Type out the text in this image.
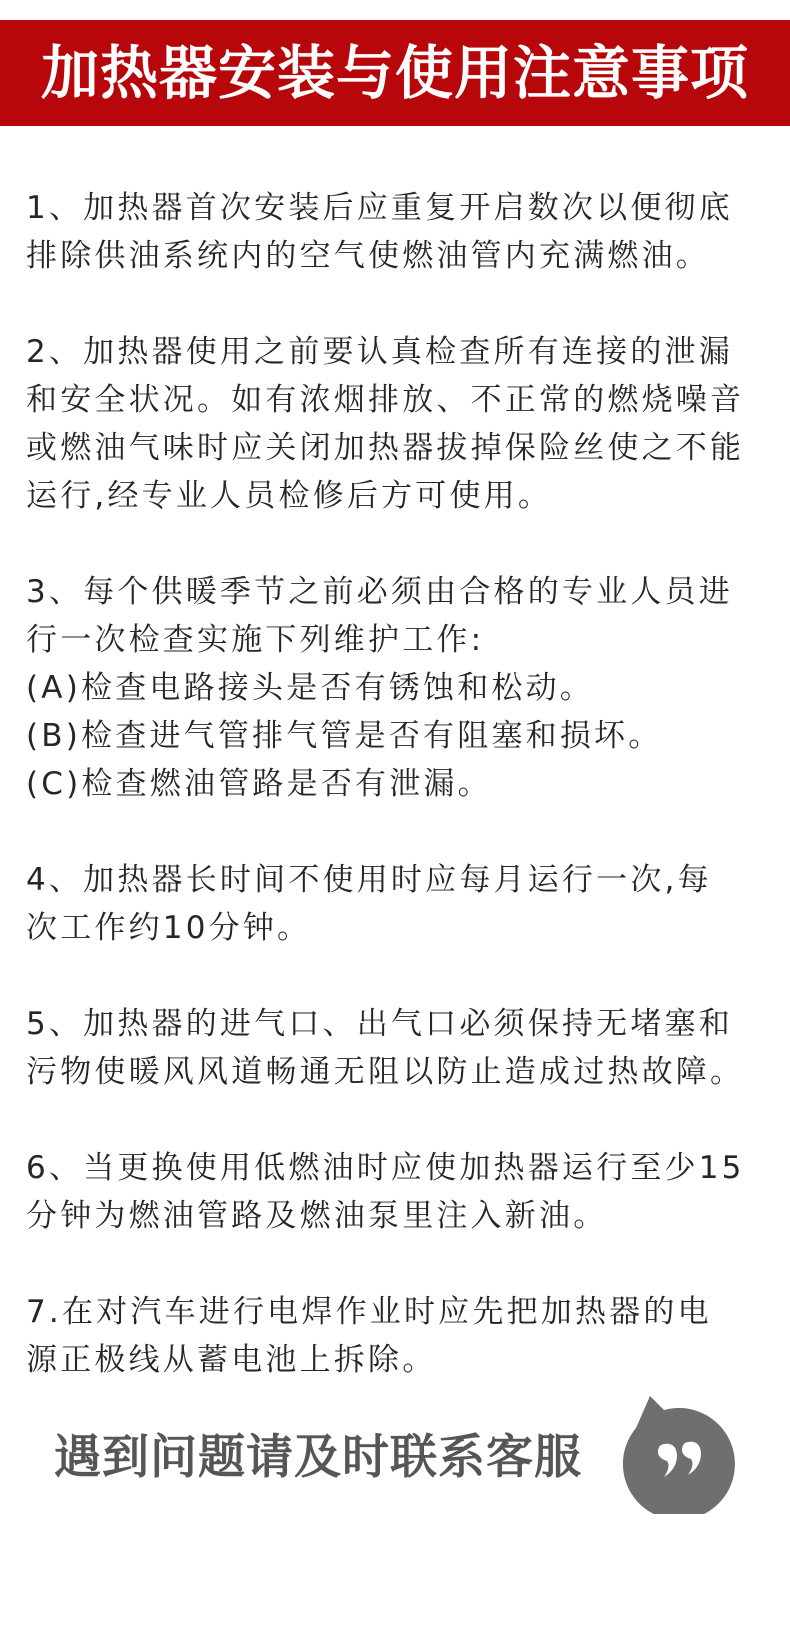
加热器安装与使用注意事项
1、加热器首次安装后应重复开启数次以便彻底
排除供油系统内的空气使燃油管内充满燃油。
2、加热器使用之前要认真检查所有连接的泄漏
和安全状况。如有浓烟排放、不正常的燃烧噪音
或燃油气味时应关闭加热器拔掉保险丝使之不能
运行,经专业人员检修后方可使用。
3、每个供暖季节之前必须由合格的专业人员进
行一次检查实施下列维护工作:
(A)检查电路接头是否有锈蚀和松动。
(B)检查进气管排气管是否有阻塞和损坏。
(C)检查燃油管路是否有泄漏。
4、加热器长时间不使用时应每月运行一次,每
次工作约10分钟。
5、加热器的进气口、出气口必须保持无堵塞和
污物使暖风风道畅通无阻以防止造成过热故障。
6、当更换使用低燃油时应使加热器运行至少15
分钟为燃油管路及燃油泵里注入新油。
7.在对汽车进行电焊作业时应先把加热器的电
源正极线从蓄电池上拆除。
遇到问题请及时联系客服
